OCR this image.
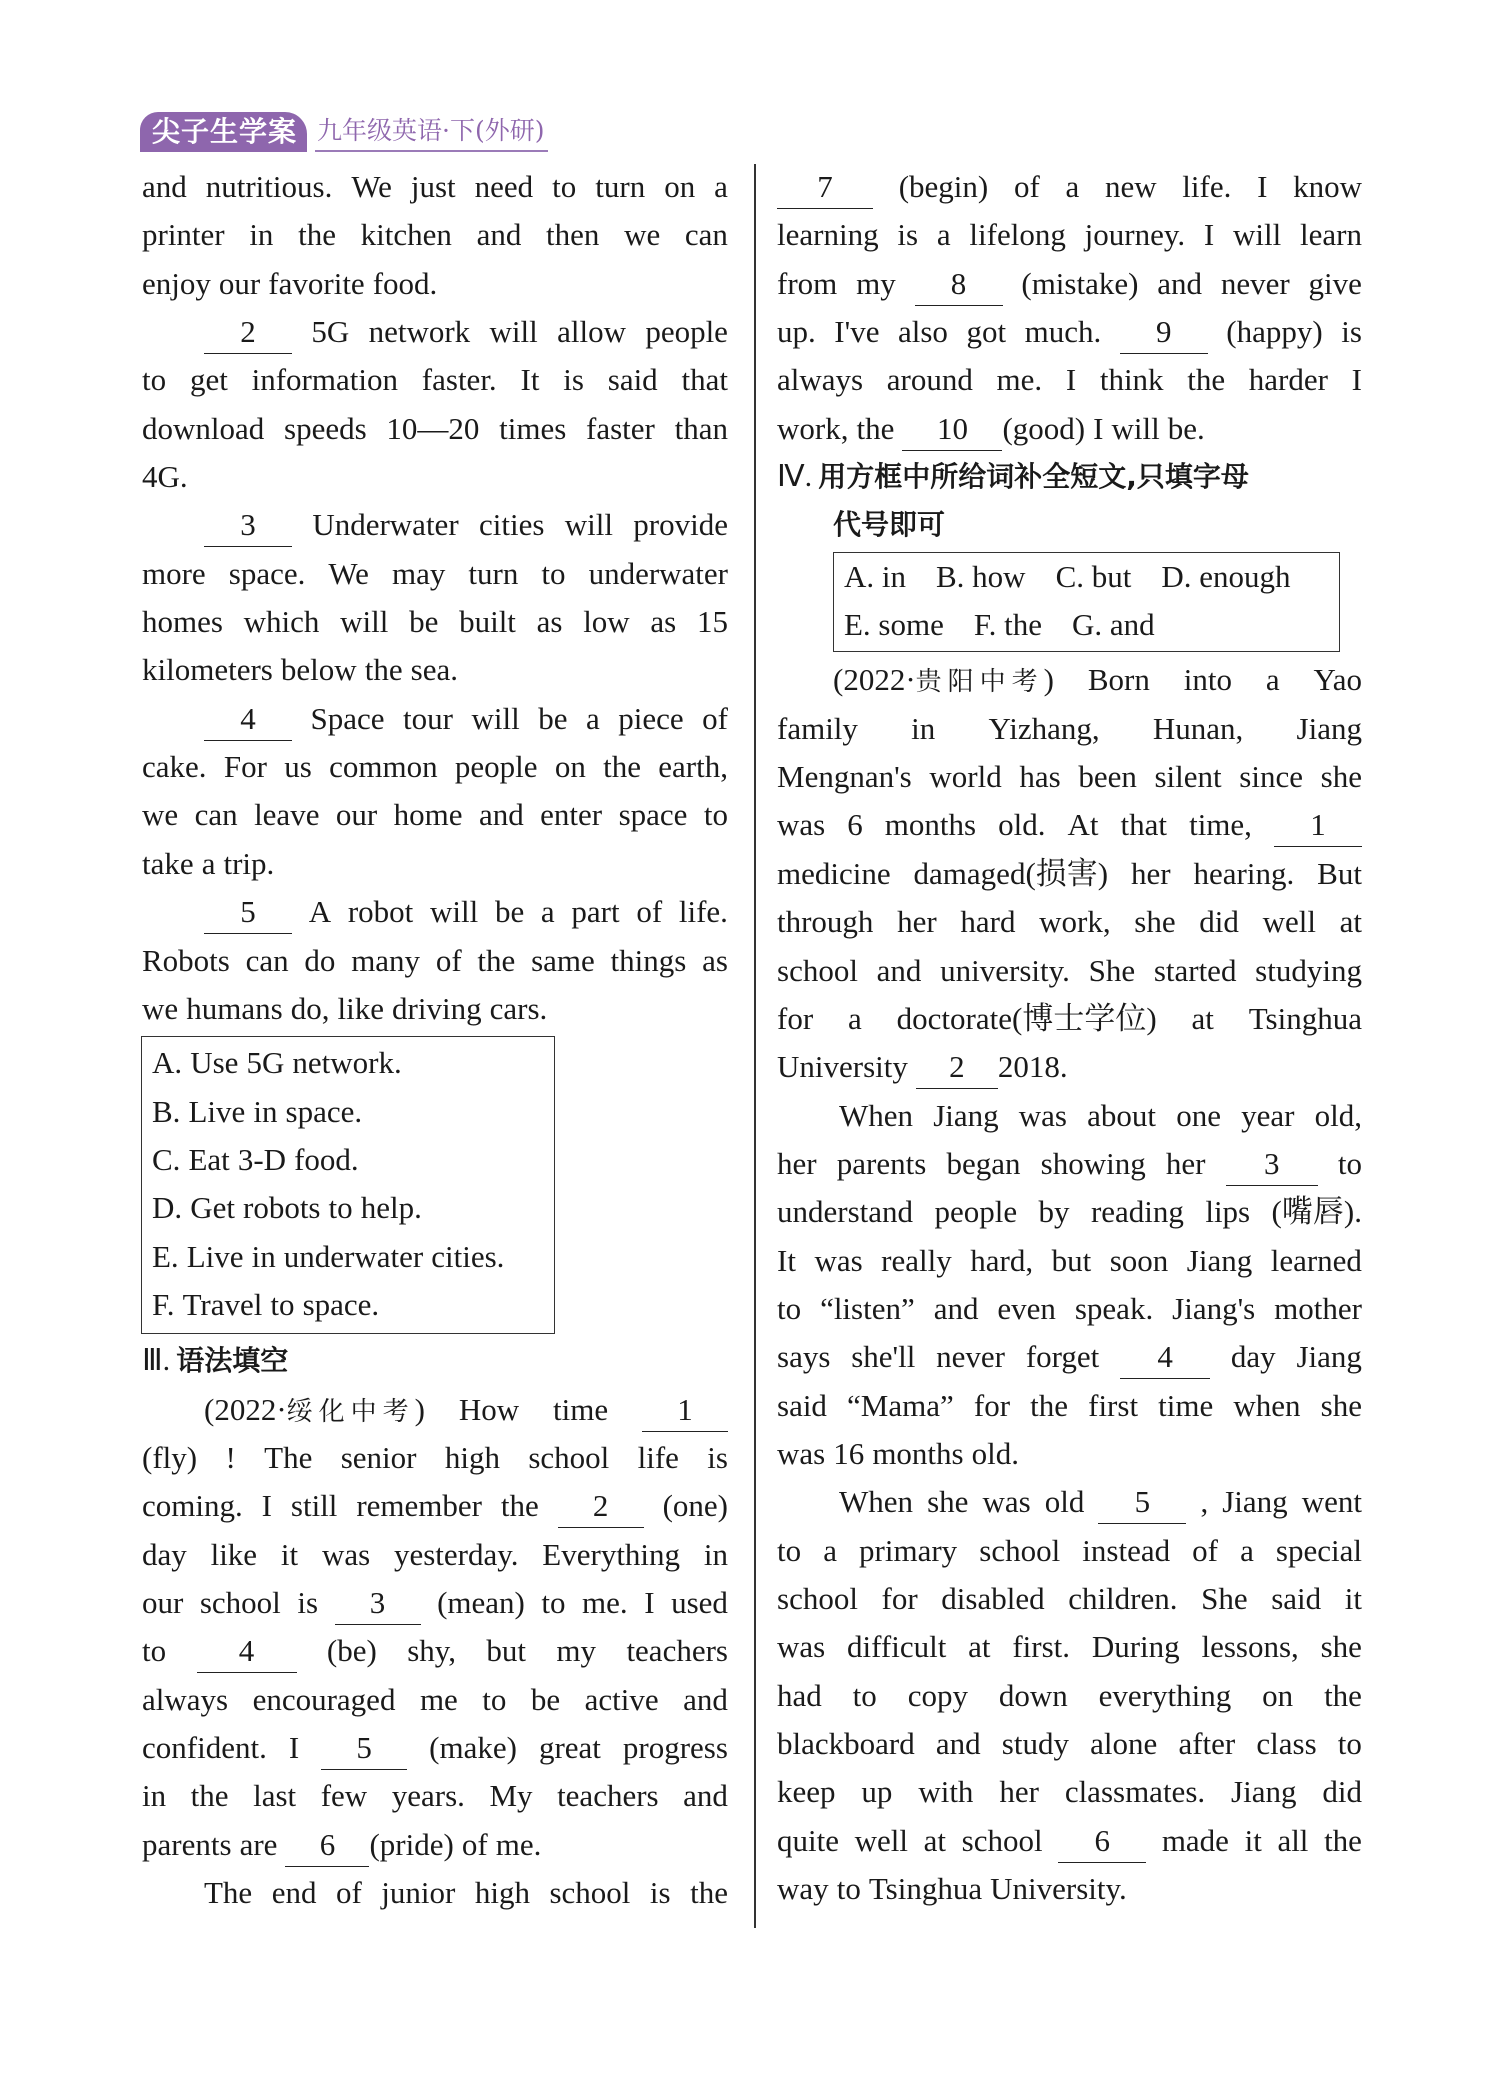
尖子生学案 九年级英语·下(外研)
and nutritious. We just need to turn on a
printer in the kitchen and then we can
enjoy our favorite food.
2	5G network will allow people
to get information faster. It is said that
download speeds 10—20 times faster than
4G.
3	Underwater cities will provide
more space. We may turn to underwater
homes which will be built as low as 15
kilometers below the sea.
4	Space tour will be a piece of
cake. For us common people on the earth,
we can leave our home and enter space to
take a trip.
5	A robot will be a part of life.
Robots can do many of the same things as
we humans do, like driving cars.
A. Use 5G network.
B. Live in space.
C. Eat 3-D food.
D. Get robots to help.
E. Live in underwater cities.
F. Travel to space.
Ⅲ. 语法填空
(2022·绥化中考) How time	1
(fly) ! The senior high school life is
coming. I still remember the	2	(one)
day like it was yesterday. Everything in
our school is	3	(mean) to me. I used
to	4	(be) shy, but my teachers
always encouraged me to be active and
confident. I	5	(make) great progress
in the last few years. My teachers and
parents are	6	(pride) of me.
The end of junior high school is the
7	(begin) of a new life. I know
learning is a lifelong journey. I will learn
from my	8	(mistake) and never give
up. I've also got much.	9	(happy) is
always around me. I think the harder I
work, the	10	(good) I will be.
Ⅳ. 用方框中所给词补全短文,只填字母
代号即可
A. in B. how C. but D. enough
E. some F. the G. and
(2022·贵阳中考) Born into a Yao
family in Yizhang, Hunan, Jiang
Mengnan's world has been silent since she
was 6 months old. At that time,	1
medicine damaged(损害) her hearing. But
through her hard work, she did well at
school and university. She started studying
for a doctorate(博士学位) at Tsinghua
University	2	2018.
When Jiang was about one year old,
her parents began showing her	3	to
understand people by reading lips (嘴唇).
It was really hard, but soon Jiang learned
to “listen” and even speak. Jiang's mother
says she'll never forget	4	day Jiang
said “Mama” for the first time when she
was 16 months old.
When she was old	5	, Jiang went
to a primary school instead of a special
school for disabled children. She said it
was difficult at first. During lessons, she
had to copy down everything on the
blackboard and study alone after class to
keep up with her classmates. Jiang did
quite well at school	6	made it all the
way to Tsinghua University.
